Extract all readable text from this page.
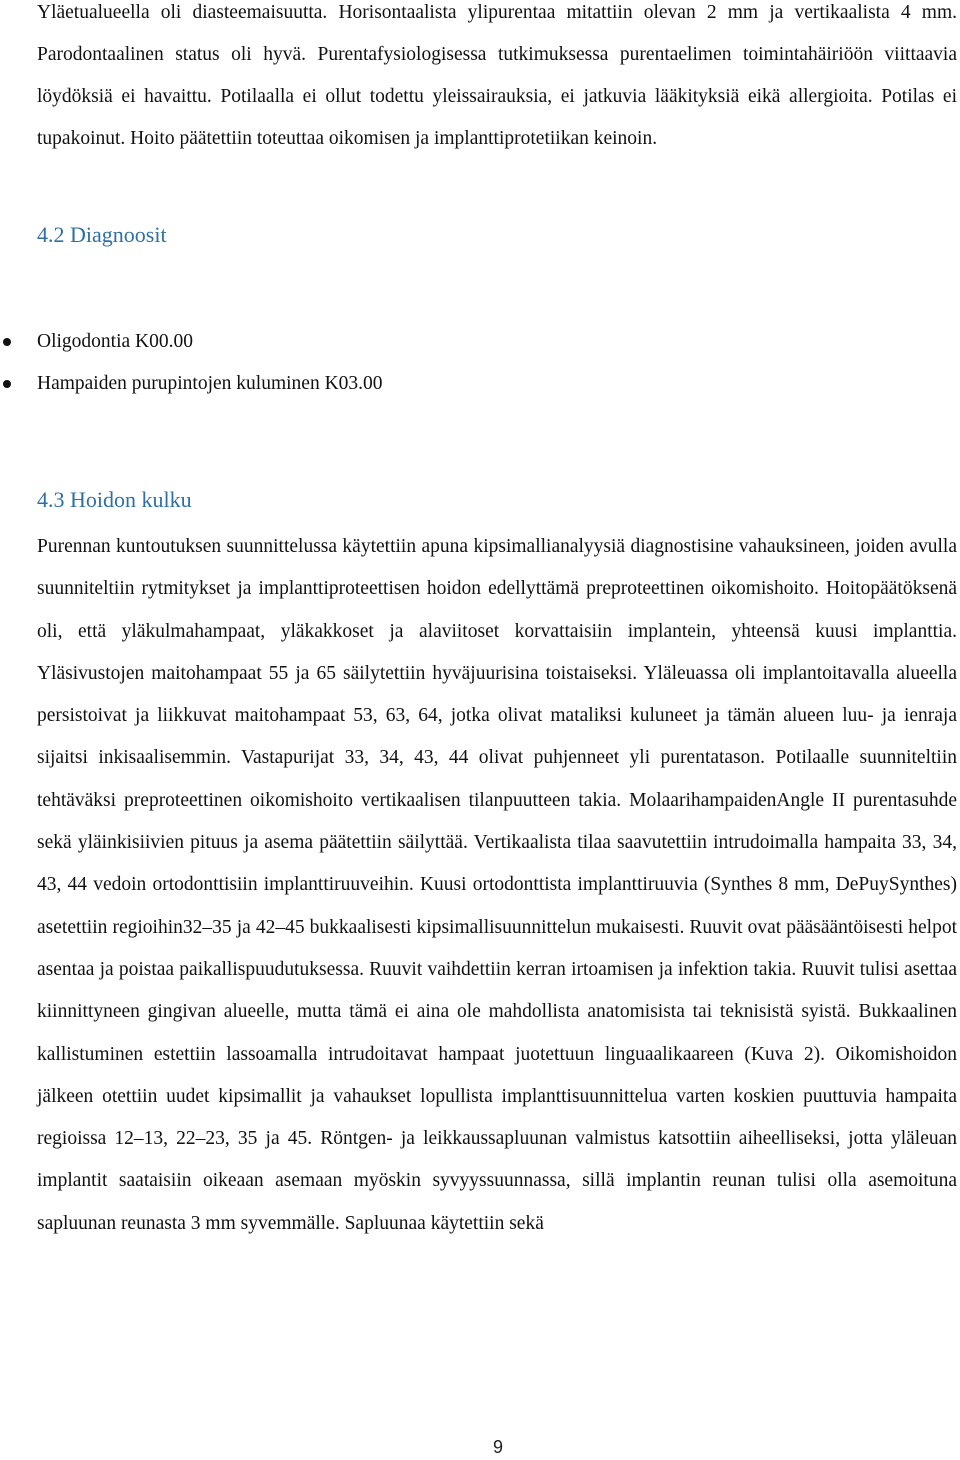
Yläetualueella oli diasteemaisuutta. Horisontaalista ylipurentaa mitattiin olevan 2 mm ja vertikaalista 4 mm. Parodontaalinen status oli hyvä. Purentafysiologisessa tutkimuksessa purentaelimen toimintahäiriöön viittaavia löydöksiä ei havaittu. Potilaalla ei ollut todettu yleissairauksia, ei jatkuvia lääkityksiä eikä allergioita. Potilas ei tupakoinut. Hoito päätettiin toteuttaa oikomisen ja implanttiprotetiikan keinoin.

4.2 Diagnoosit
Oligodontia K00.00
Hampaiden purupintojen kuluminen K03.00
4.3 Hoidon kulku

Purennan kuntoutuksen suunnittelussa käytettiin apuna kipsimallianalyysiä diagnostisine vahauksineen, joiden avulla suunniteltiin rytmitykset ja implanttiproteettisen hoidon edellyttämä preproteettinen oikomishoito. Hoitopäätöksenä oli, että yläkulmahampaat, yläkakkoset ja alaviitoset korvattaisiin implantein, yhteensä kuusi implanttia. Yläsivustojen maitohampaat 55 ja 65 säilytettiin hyväjuurisina toistaiseksi. Yläleuassa oli implantoitavalla alueella persistoivat ja liikkuvat maitohampaat 53, 63, 64, jotka olivat mataliksi kuluneet ja tämän alueen luu- ja ienraja sijaitsi inkisaalisemmin. Vastapurijat 33, 34, 43, 44 olivat puhjenneet yli purentatason. Potilaalle suunniteltiin tehtäväksi preproteettinen oikomishoito vertikaalisen tilanpuutteen takia. MolaarihampaidenAngle II purentasuhde sekä yläinkisiivien pituus ja asema päätettiin säilyttää. Vertikaalista tilaa saavutettiin intrudoimalla hampaita 33, 34, 43, 44 vedoin ortodonttisiin implanttiruuveihin. Kuusi ortodonttista implanttiruuvia (Synthes 8 mm, DePuySynthes) asetettiin regioihin32–35 ja 42–45 bukkaalisesti kipsimallisuunnittelun mukaisesti. Ruuvit ovat pääsääntöisesti helpot asentaa ja poistaa paikallispuudutuksessa. Ruuvit vaihdettiin kerran irtoamisen ja infektion takia. Ruuvit tulisi asettaa kiinnittyneen gingivan alueelle, mutta tämä ei aina ole mahdollista anatomisista tai teknisistä syistä. Bukkaalinen kallistuminen estettiin lassoamalla intrudoitavat hampaat juotettuun linguaalikaareen (Kuva 2). Oikomishoidon jälkeen otettiin uudet kipsimallit ja vahaukset lopullista implanttisuunnittelua varten koskien puuttuvia hampaita regioissa 12–13, 22–23, 35 ja 45. Röntgen- ja leikkaussapluunan valmistus katsottiin aiheelliseksi, jotta yläleuan implantit saataisiin oikeaan asemaan myöskin syvyyssuunnassa, sillä implantin reunan tulisi olla asemoituna sapluunan reunasta 3 mm syvemmälle. Sapluunaa käytettiin sekä

9
